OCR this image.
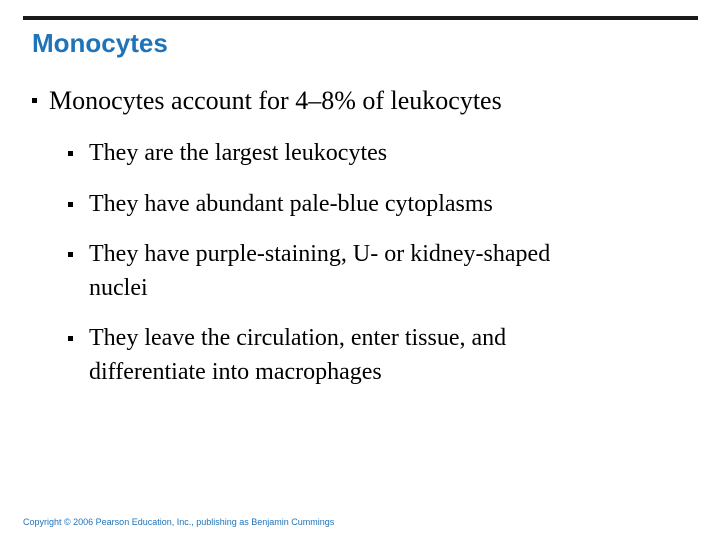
Monocytes
Monocytes account for 4–8% of leukocytes
They are the largest leukocytes
They have abundant pale-blue cytoplasms
They have purple-staining, U- or kidney-shaped
nuclei
They leave the circulation, enter tissue, and
differentiate into macrophages
Copyright © 2006 Pearson Education, Inc., publishing as Benjamin Cummings
